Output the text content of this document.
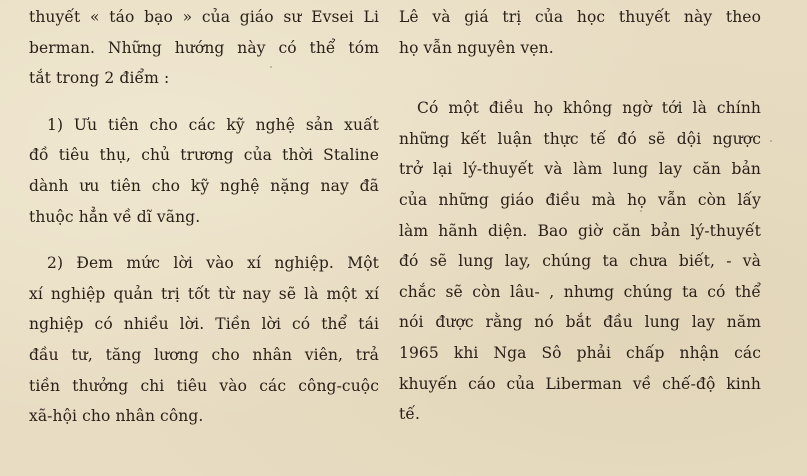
thuyết « táo bạo » của giáo sư Evsei Li
berman. Những hướng này có thể tóm
tắt trong 2 điểm :
1) Ưu tiên cho các kỹ nghệ sản xuất
đồ tiêu thụ, chủ trương của thời Staline
dành ưu tiên cho kỹ nghệ nặng nay đã
thuộc hẳn về dĩ vãng.
2) Đem mức lời vào xí nghiệp. Một
xí nghiệp quản trị tốt từ nay sẽ là một xí
nghiệp có nhiều lời. Tiền lời có thể tái
đầu tư, tăng lương cho nhân viên, trả
tiền thưởng chi tiêu vào các công-cuộc
xã-hội cho nhân công.
Lê và giá trị của học thuyết này theo
họ vẫn nguyên vẹn.
Có một điều họ không ngờ tới là chính
những kết luận thực tế đó sẽ dội ngược
trở lại lý-thuyết và làm lung lay căn bản
của những giáo điều mà họ vẫn còn lấy
làm hãnh diện. Bao giờ căn bản lý-thuyết
đó sẽ lung lay, chúng ta chưa biết, - và
chắc sẽ còn lâu- , nhưng chúng ta có thể
nói được rằng nó bắt đầu lung lay năm
1965 khi Nga Sô phải chấp nhận các
khuyến cáo của Liberman về chế-độ kinh
tế.
